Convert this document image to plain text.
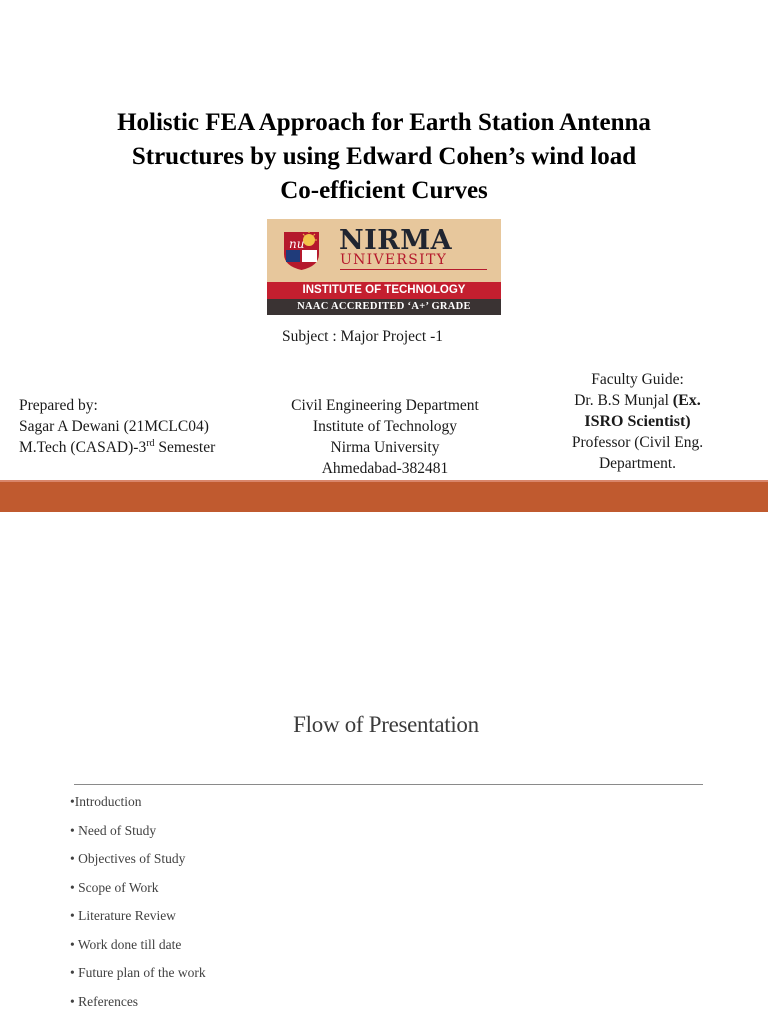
Holistic FEA Approach for Earth Station Antenna
Structures by using Edward Cohen’s wind load
Co-efficient Curves
nu NIRMA
UNIVERSITY
INSTITUTE OF TECHNOLOGY
NAAC ACCREDITED ‘A+’ GRADE
Subject : Major Project -1
Prepared by:
Sagar A Dewani (21MCLC04)
M.Tech (CASAD)-3rd Semester
Civil Engineering Department
Institute of Technology
Nirma University
Ahmedabad-382481
Faculty Guide:
Dr. B.S Munjal (Ex.
ISRO Scientist)
Professor (Civil Eng.
Department.
Flow of Presentation
•Introduction
• Need of Study
• Objectives of Study
• Scope of Work
• Literature Review
• Work done till date
• Future plan of the work
• References
